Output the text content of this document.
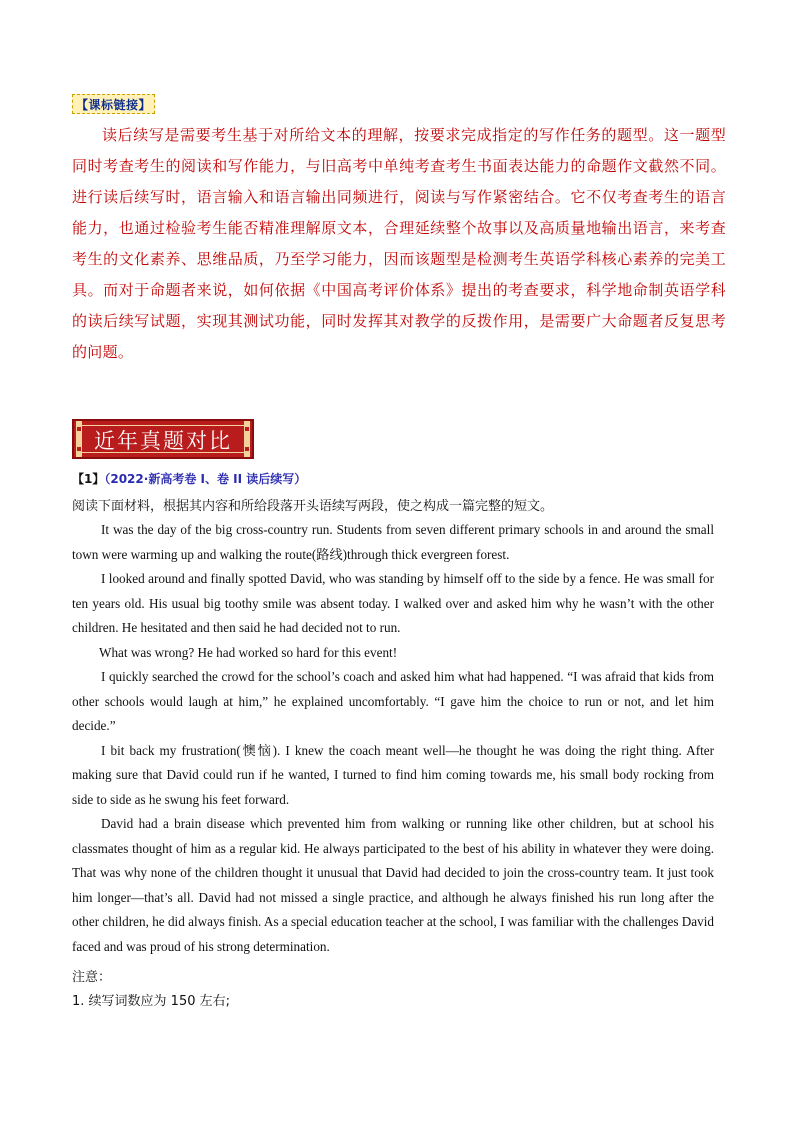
【课标链接】

读后续写是需要考生基于对所给文本的理解，按要求完成指定的写作任务的题型。这一题型同时考查考生的阅读和写作能力，与旧高考中单纯考查考生书面表达能力的命题作文截然不同。进行读后续写时，语言输入和语言输出同频进行，阅读与写作紧密结合。它不仅考查考生的语言能力，也通过检验考生能否精准理解原文本，合理延续整个故事以及高质量地输出语言，来考查考生的文化素养、思维品质，乃至学习能力，因而该题型是检测考生英语学科核心素养的完美工具。而对于命题者来说，如何依据《中国高考评价体系》提出的考查要求，科学地命制英语学科的读后续写试题，实现其测试功能，同时发挥其对教学的反拨作用，是需要广大命题者反复思考的问题。

近年真题对比
【1】（2022·新高考卷 I、卷 II 读后续写）

阅读下面材料，根据其内容和所给段落开头语续写两段，使之构成一篇完整的短文。

It was the day of the big cross-country run. Students from seven different primary schools in and around the small town were warming up and walking the route(路线)through thick evergreen forest.

I looked around and finally spotted David, who was standing by himself off to the side by a fence. He was small for ten years old. His usual big toothy smile was absent today. I walked over and asked him why he wasn’t with the other children. He hesitated and then said he had decided not to run.

What was wrong? He had worked so hard for this event!

I quickly searched the crowd for the school’s coach and asked him what had happened. “I was afraid that kids from other schools would laugh at him,” he explained uncomfortably. “I gave him the choice to run or not, and let him decide.”

I bit back my frustration(懊恼). I knew the coach meant well—he thought he was doing the right thing. After making sure that David could run if he wanted, I turned to find him coming towards me, his small body rocking from side to side as he swung his feet forward.

David had a brain disease which prevented him from walking or running like other children, but at school his classmates thought of him as a regular kid. He always participated to the best of his ability in whatever they were doing. That was why none of the children thought it unusual that David had decided to join the cross-country team. It just took him longer—that’s all. David had not missed a single practice, and although he always finished his run long after the other children, he did always finish. As a special education teacher at the school, I was familiar with the challenges David faced and was proud of his strong determination.

注意：
1. 续写词数应为 150 左右;
